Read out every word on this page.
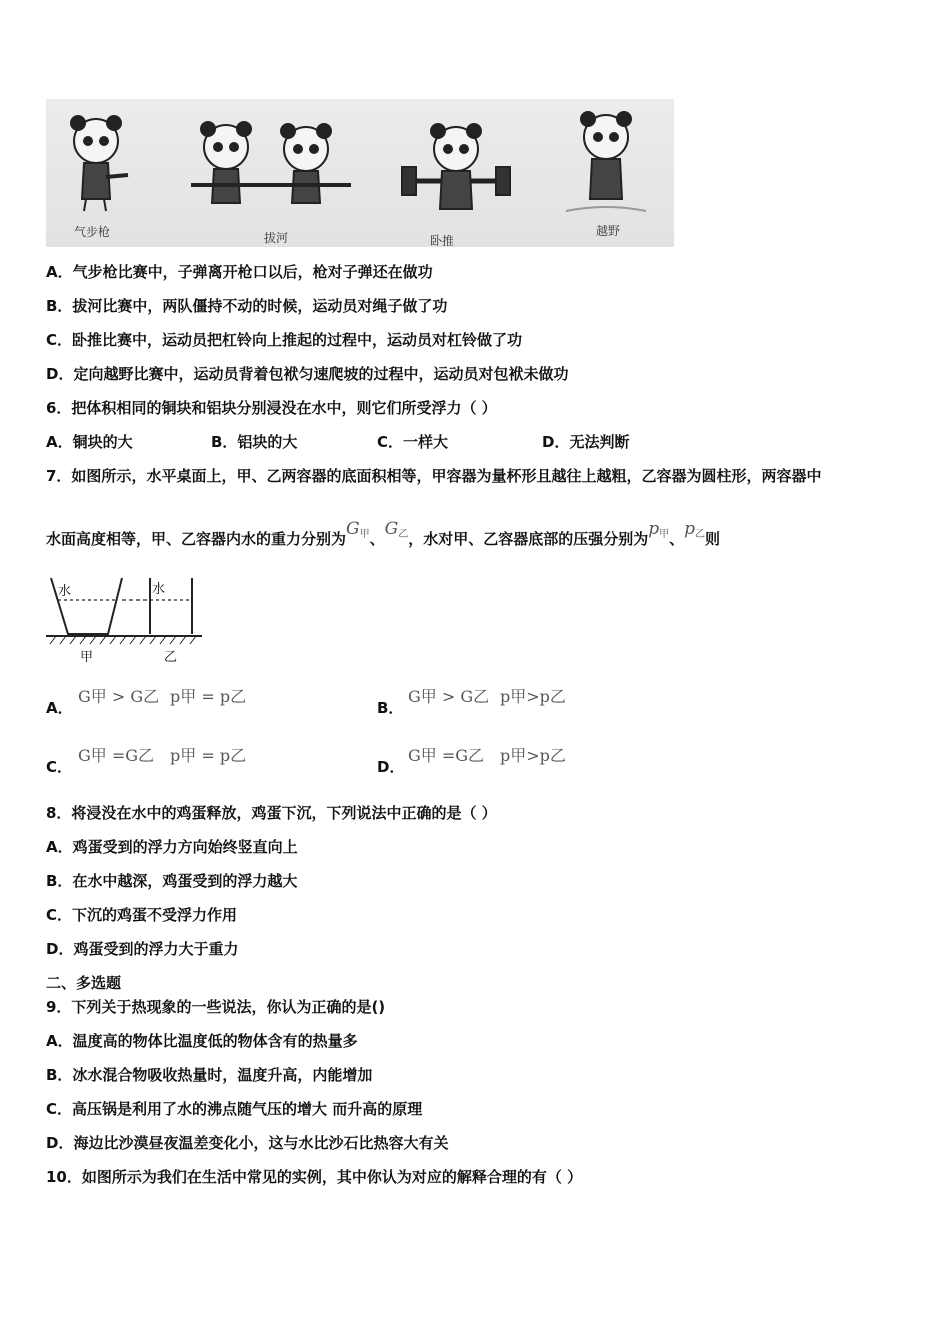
气步枪	拔河	卧推
越野
A．气步枪比赛中，子弹离开枪口以后，枪对子弹还在做功
B．拔河比赛中，两队僵持不动的时候，运动员对绳子做了功
C．卧推比赛中，运动员把杠铃向上推起的过程中，运动员对杠铃做了功
D．定向越野比赛中，运动员背着包袱匀速爬坡的过程中，运动员对包袱未做功
6．把体积相同的铜块和铝块分别浸没在水中，则它们所受浮力（ ）
A．铜块的大	B．铝块的大	C．一样大	D．无法判断
7．如图所示，水平桌面上，甲、乙两容器的底面积相等，甲容器为量杯形且越往上越粗，乙容器为圆柱形，两容器中
水面高度相等，甲、乙容器内水的重力分别为$G_甲$、$G_乙$，水对甲、乙容器底部的压强分别为$p_甲$、$p_乙$则
水	水
甲	乙
A．
G甲 > G乙 p甲 = p乙
B．
G甲 > G乙 p甲>p乙
C．
G甲 =G乙 p甲 = p乙
D．
G甲 =G乙 p甲>p乙
8．将浸没在水中的鸡蛋释放，鸡蛋下沉，下列说法中正确的是（ ）
A．鸡蛋受到的浮力方向始终竖直向上
B．在水中越深，鸡蛋受到的浮力越大
C．下沉的鸡蛋不受浮力作用
D．鸡蛋受到的浮力大于重力
二、多选题
9．下列关于热现象的一些说法，你认为正确的是()
A．温度高的物体比温度低的物体含有的热量多
B．冰水混合物吸收热量时，温度升高，内能增加
C．高压锅是利用了水的沸点随气压的增大 而升高的原理
D．海边比沙漠昼夜温差变化小，这与水比沙石比热容大有关
10．如图所示为我们在生活中常见的实例，其中你认为对应的解释合理的有（ ）
